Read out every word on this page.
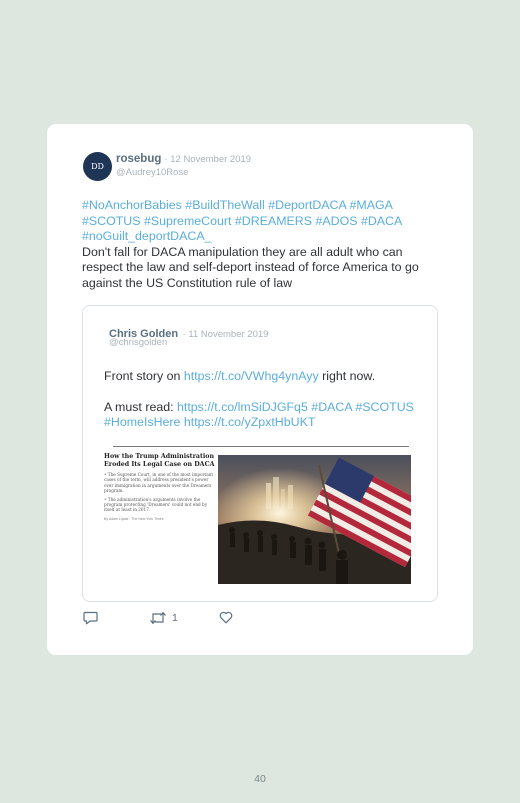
DD
rosebug · 12 November 2019
@Audrey10Rose
#NoAnchorBabies #BuildTheWall #DeportDACA #MAGA #SCOTUS #SupremeCourt #DREAMERS #ADOS #DACA #noGuilt_deportDACA_
Don't fall for DACA manipulation they are all adult who can respect the law and self-deport instead of force America to go against the US Constitution rule of law
Chris Golden · 11 November 2019
@chrisgolden

Front story on https://t.co/VWhg4ynAyy right now.

A must read: https://t.co/lmSiDJGFq5 #DACA #SCOTUS #HomeIsHere https://t.co/yZpxtHbUKT

How the Trump Administration Eroded Its Legal Case on DACA
• The Supreme Court, in one of the most important cases of the term, will address president's power over immigration in arguments over the Dreamers program.
• The administration's arguments involve the program protecting 'Dreamers' could not end by itself at least in 2017.
By Adam Liptak · The New York Times
1
40
